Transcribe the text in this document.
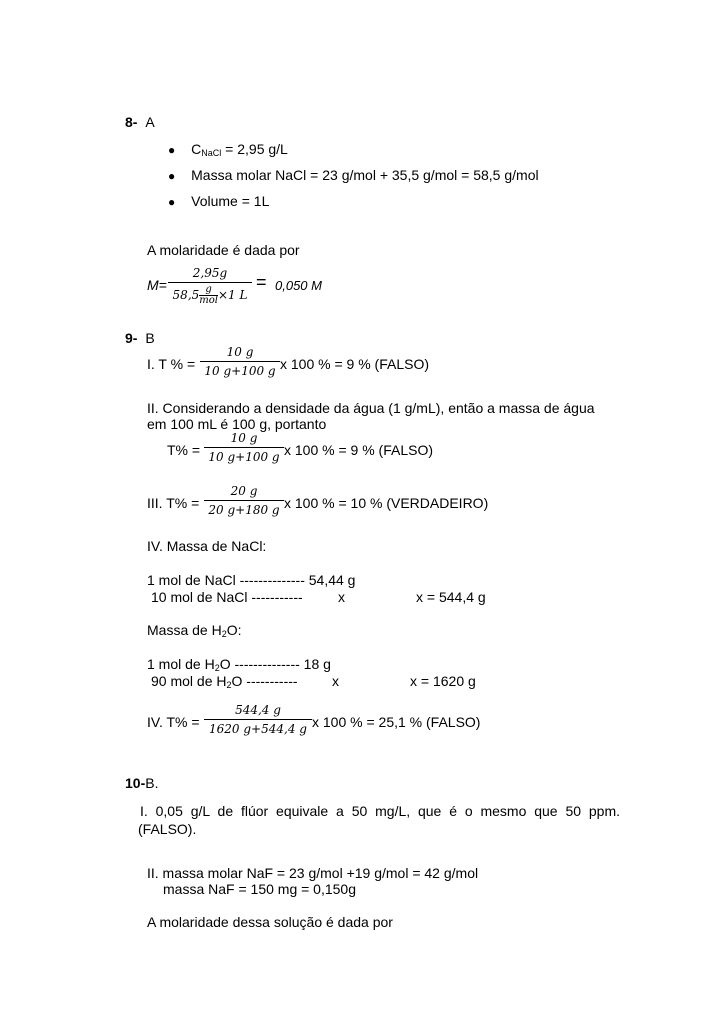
8- A
● $C_{NaCl} = 2,95$ g/L
● Massa molar NaCl = 23 g/mol + 35,5 g/mol = 58,5 g/mol
● Volume = 1L
A molaridade é dada por
M=
2,95g
58,5 g
mol ×1 L
= 0,050 M
9- B
I. T % =
10 g
10 g+100 g x 100 % = 9 % (FALSO)
II. Considerando a densidade da água (1 g/mL), então a massa de água
em 100 mL é 100 g, portanto
T% =
10 g
10 g+100 g x 100 % = 9 % (FALSO)
III. T% =
20 g
20 g+180 g x 100 % = 10 % (VERDADEIRO)
IV. Massa de NaCl:
1 mol de NaCl -------------- 54,44 g
10 mol de NaCl -----------	x	x = 544,4 g
Massa de $H_2O$:
1 mol de $H_2O$ -------------- 18 g
90 mol de $H_2O$ ----------- x	x = 1620 g
IV. T% =
544,4 g
1620 g+544,4 g x 100 % = 25,1 % (FALSO)
10-B.
I. 0,05 g/L de flúor equivale a 50 mg/L, que é o mesmo que 50 ppm.
(FALSO).
II. massa molar NaF = 23 g/mol +19 g/mol = 42 g/mol
massa NaF = 150 mg = 0,150g
A molaridade dessa solução é dada por
